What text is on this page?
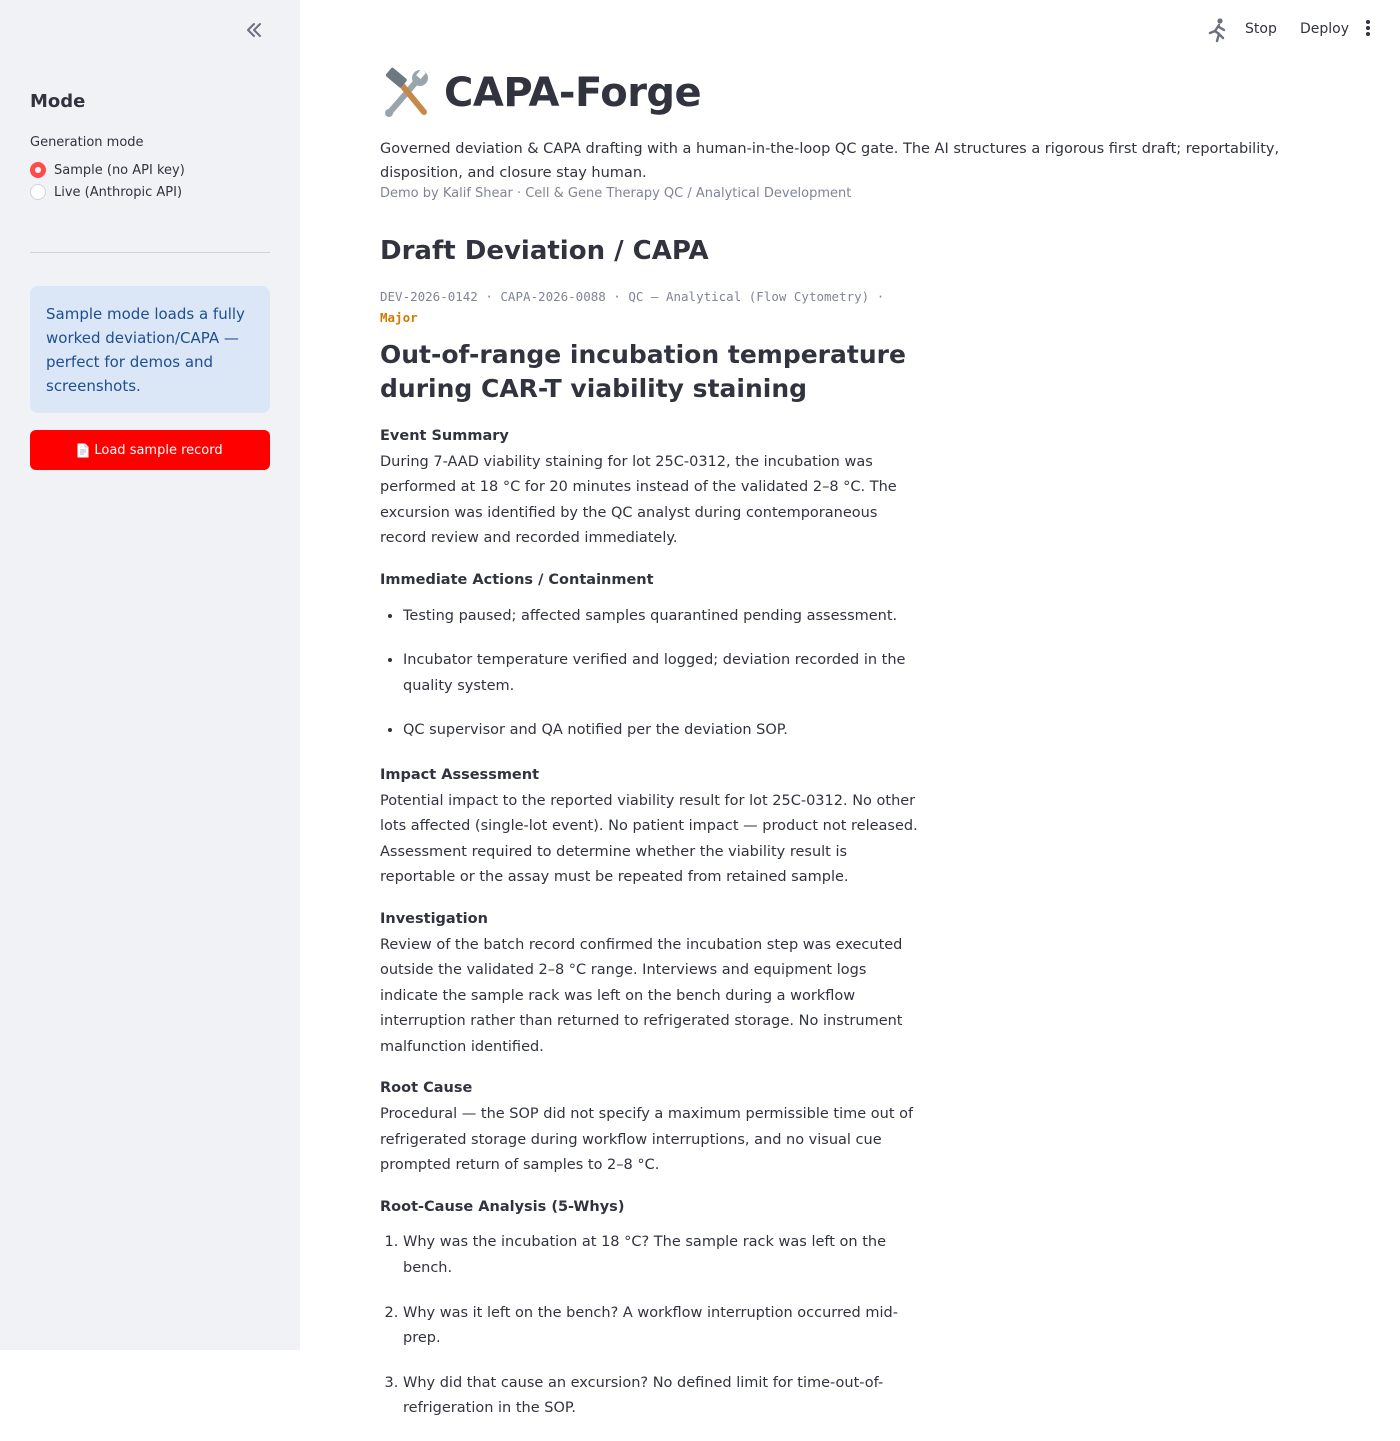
Mode
Generation mode
Sample (no API key)
Live (Anthropic API)
Sample mode loads a fully worked deviation/CAPA — perfect for demos and screenshots.
Load sample record
Stop Deploy
CAPA-Forge
Governed deviation & CAPA drafting with a human-in-the-loop QC gate. The AI structures a rigorous first draft; reportability, disposition, and closure stay human.
Demo by Kalif Shear · Cell & Gene Therapy QC / Analytical Development
Draft Deviation / CAPA
DEV-2026-0142 · CAPA-2026-0088 · QC — Analytical (Flow Cytometry) ·
Major
Out-of-range incubation temperature during CAR-T viability staining
Event Summary
During 7-AAD viability staining for lot 25C-0312, the incubation was performed at 18 °C for 20 minutes instead of the validated 2–8 °C. The excursion was identified by the QC analyst during contemporaneous record review and recorded immediately.
Immediate Actions / Containment
• Testing paused; affected samples quarantined pending assessment.
• Incubator temperature verified and logged; deviation recorded in the quality system.
• QC supervisor and QA notified per the deviation SOP.
Impact Assessment
Potential impact to the reported viability result for lot 25C-0312. No other lots affected (single-lot event). No patient impact — product not released. Assessment required to determine whether the viability result is reportable or the assay must be repeated from retained sample.
Investigation
Review of the batch record confirmed the incubation step was executed outside the validated 2–8 °C range. Interviews and equipment logs indicate the sample rack was left on the bench during a workflow interruption rather than returned to refrigerated storage. No instrument malfunction identified.
Root Cause
Procedural — the SOP did not specify a maximum permissible time out of refrigerated storage during workflow interruptions, and no visual cue prompted return of samples to 2–8 °C.
Root-Cause Analysis (5-Whys)
1. Why was the incubation at 18 °C? The sample rack was left on the bench.
2. Why was it left on the bench? A workflow interruption occurred mid-prep.
3. Why did that cause an excursion? No defined limit for time-out-of-refrigeration in the SOP.
